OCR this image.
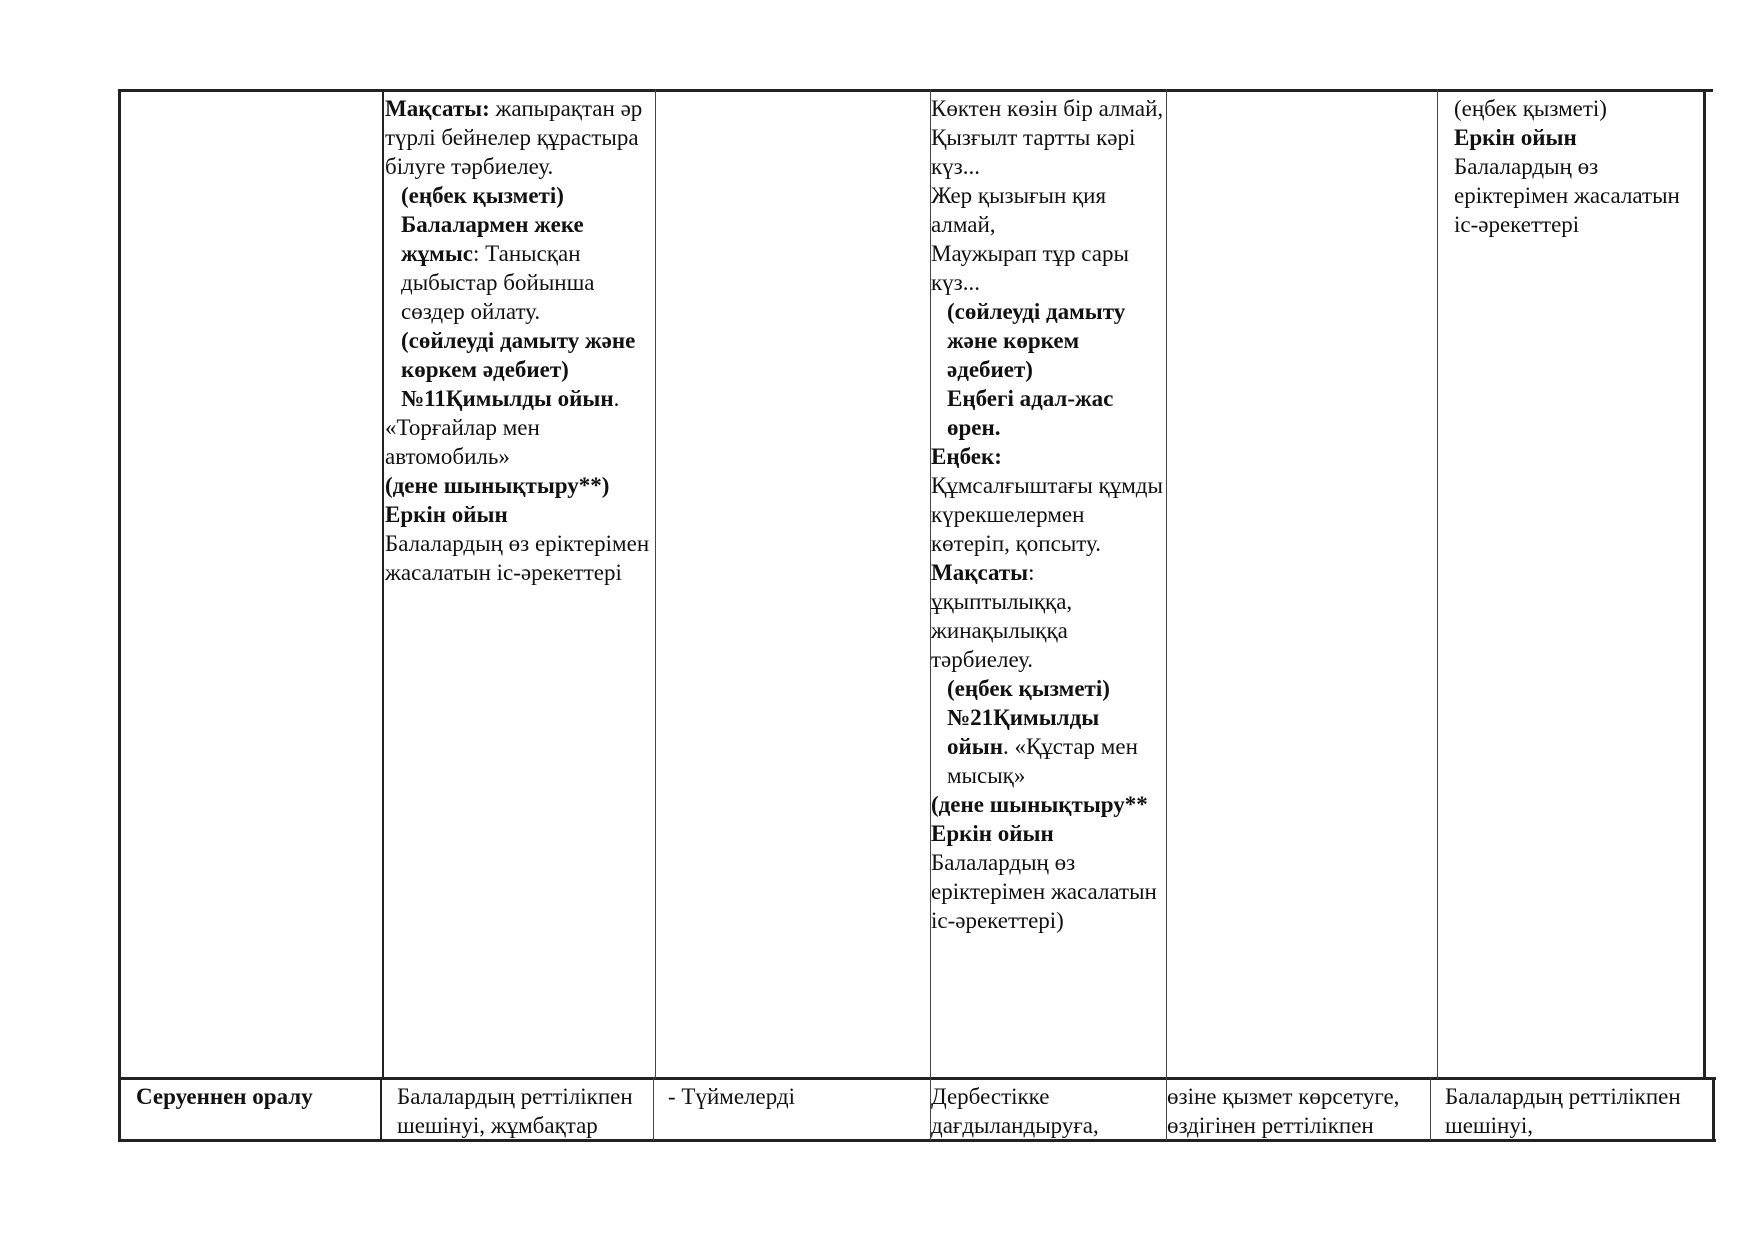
Мақсаты: жапырақтан әр түрлі бейнелер құрастыра білуге тәрбиелеу.

(еңбек қызметі)

Балалармен жеке жұмыс: Танысқан дыбыстар бойынша сөздер ойлату.

(сөйлеуді дамыту және көркем әдебиет)

№11Қимылды ойын.

«Торғайлар мен автомобиль»

(дене шынықтыру**)

Еркін ойын

Балалардың өз еріктерімен жасалатын іс-әрекеттері

Көктен көзін бір алмай,
Қызғылт тартты кәрі күз...
Жер қызығын қия алмай,
Маужырап тұр сары күз...

(сөйлеуді дамыту және көркем әдебиет)

Еңбегі адал-жас өрен.

Еңбек:

Құмсалғыштағы құмды күрекшелермен көтеріп, қопсыту.

Мақсаты: ұқыптылыққа, жинақылыққа тәрбиелеу.

(еңбек қызметі)

№21Қимылды ойын. «Құстар мен мысық»

(дене шынықтыру**

Еркін ойын

Балалардың өз еріктерімен жасалатын іс-әрекеттері)

(еңбек қызметі)

Еркін ойын

Балалардың өз еріктерімен жасалатын іс-әрекеттері

Серуеннен оралу	Балалардың реттілікпен шешінуі, жұмбақтар
- Түймелерді	Дербестікке дағдыландыруға,
өзіне қызмет көрсетуге, өздігінен реттілікпен
Балалардың реттілікпен шешінуі,
